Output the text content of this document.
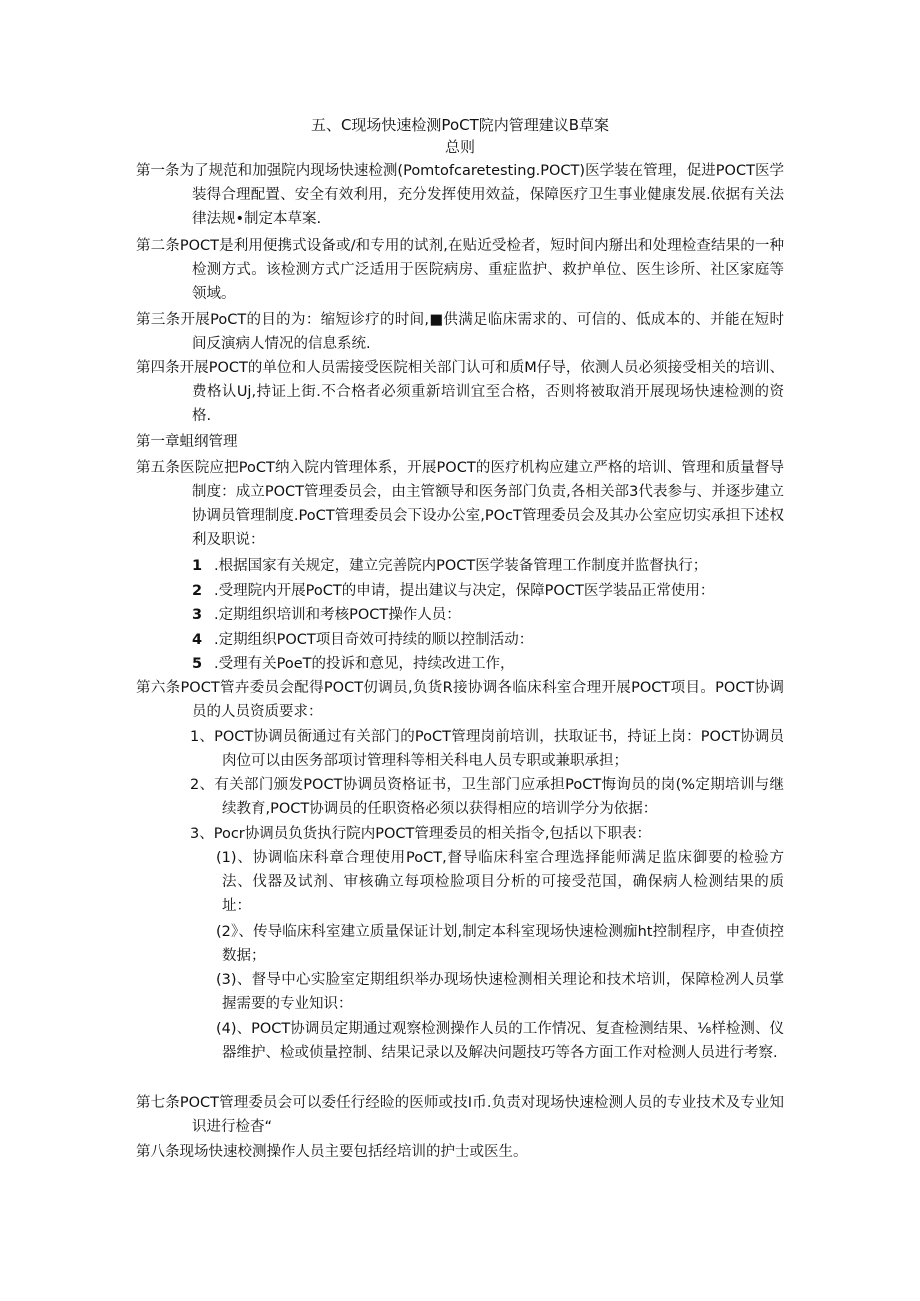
五、C现场快速检测PoCT院内管理建议B草案
总则
第一条为了规范和加强院内现场快速检测(Pomtofcaretesting.POCT)医学装在管理，促进POCT医学装得合理配置、安全有效利用，充分发挥使用效益，保障医疗卫生事业健康发展.依据有关法律法规•制定本草案.
第二条POCT是利用便携式设备或/和专用的试剂,在贴近受检者，短时间内掰出和处理检查结果的一种检测方式。该检测方式广泛适用于医院病房、重症监护、救护单位、医生诊所、社区家庭等领域。
第三条开展PoCT的目的为：缩短诊疗的时间,■供满足临床需求的、可信的、低成本的、并能在短时间反演病人情况的信息系统.
第四条开展POCT的单位和人员需接受医院相关部门认可和质M仔导，依测人员必须接受相关的培训、费格认Uj,持证上街.不合格者必须重新培训宜至合格，否则将被取消开展现场快速检测的资格.
第一章蛆纲管理
第五条医院应把PoCT纳入院内管理体系，开展POCT的医疗机构应建立严格的培训、管理和质量督导制度：成立POCT管理委员会，由主管额导和医务部门负责,各相关部3代表参与、并逐步建立协调员管理制度.PoCT管理委员会下设办公室,POcT管理委员会及其办公室应切实承担下述权利及职说：
1 .根据国家有关规定，建立完善院内POCT医学装备管理工作制度并监督执行；
2 .受理院内开展PoCT的申请，提出建议与决定，保障POCT医学装品正常使用：
3 .定期组织培训和考核POCT操作人员：
4 .定期组织POCT项目奇效可持续的顺以控制活动：
5 .受理有关PoeT的投诉和意见，持续改进工作，
第六条POCT管卉委员会配得POCT仞调员,负货R接协调各临床科室合理开展POCT项目。POCT协调员的人员资质要求：
1、POCT协调员衙通过有关部门的PoCT管理岗前培训，扶取证书，持证上岗：POCT协调员肉位可以由医务部项讨管理科等相关科电人员专职或兼职承担；
2、有关部门颁发POCT协调员资格证书，卫生部门应承担PoCT悔询员的岗(%定期培训与继续教育,POCT协调员的任职资格必须以获得相应的培训学分为依据：
3、Pocr协调员负货执行院内POCT管理委员的相关指令,包括以下职表：
(1)、协调临床科章合理使用PoCT,督导临床科室合理选择能师满足监床御要的检验方法、伐器及试剂、审核确立每项检脸项目分析的可接受范国，确保病人检测结果的质址：
(2》、传导临床科室建立质量保证计划,制定本科室现场快速检测痂ht控制程序，申查侦控数据；
(3)、督导中心实脸室定期组织举办现场快速检测相关理论和技术培训，保障检冽人员掌握需要的专业知识：
(4)、POCT协调员定期通过观察检测操作人员的工作情况、复査检测结果、⅛样检测、仪器维护、检或侦量控制、结果记录以及解决问题技巧等各方面工作对检测人员进行考察.
第七条POCT管理委员会可以委任行经睑的医师或技I币.负责对现场快速检测人员的专业技术及专业知识进行检杳“
第八条现场快速校测操作人员主要包括经培训的护士或医生。
